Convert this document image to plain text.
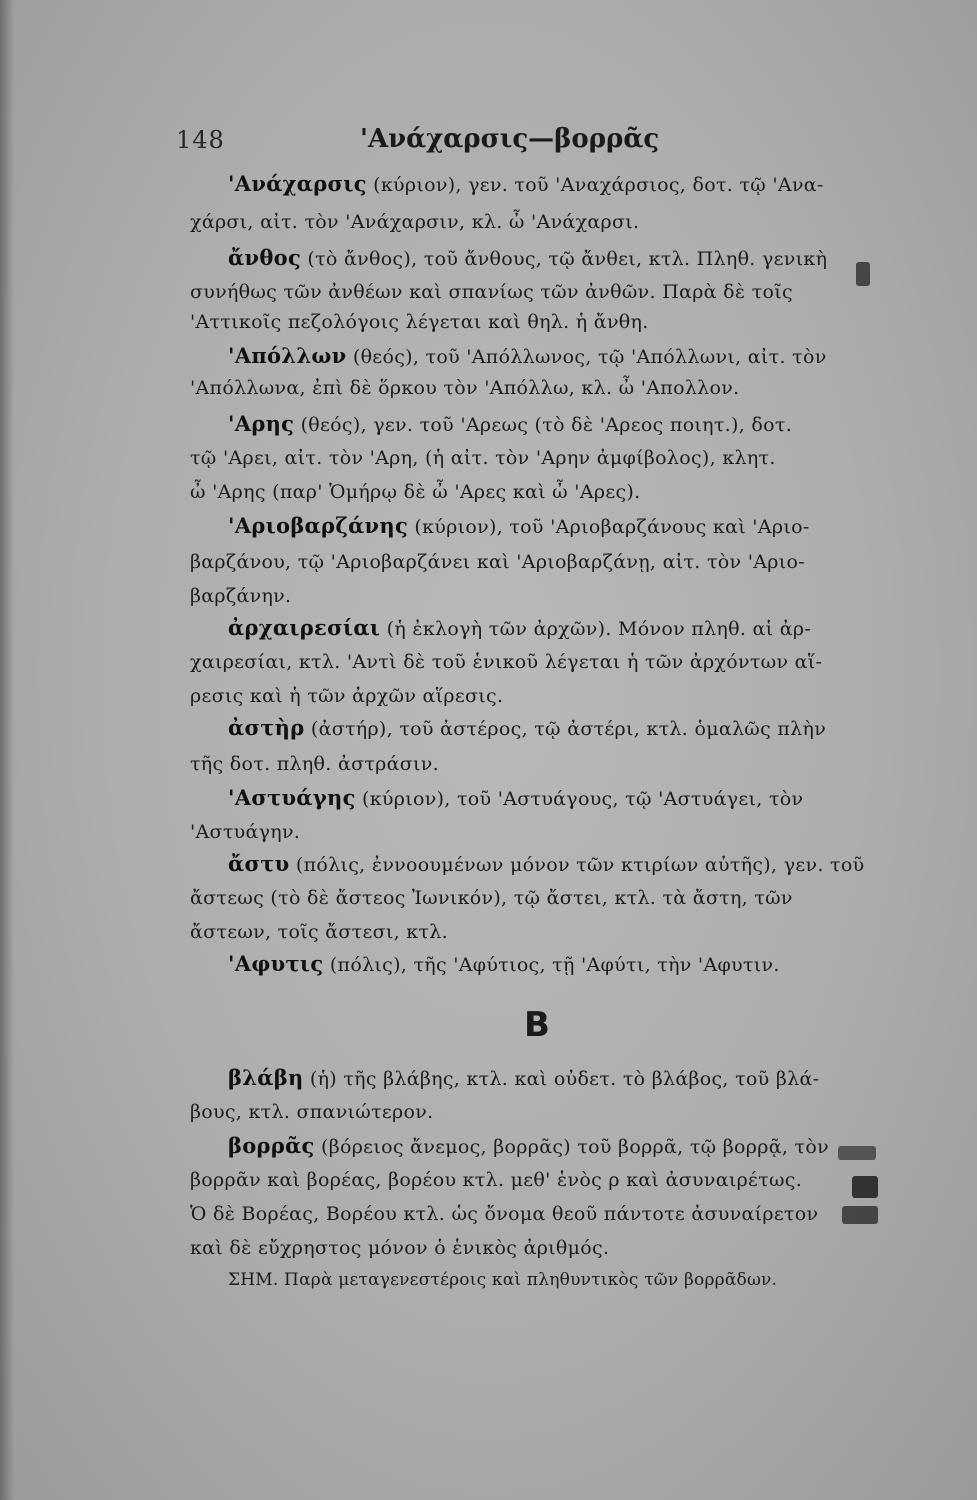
148	'Ανάχαρσις—βορρᾶς
'Ανάχαρσις (κύριον), γεν. τοῦ 'Αναχάρσιος, δοτ. τῷ 'Ανα-
χάρσι, αἰτ. τὸν 'Ανάχαρσιν, κλ. ὦ 'Ανάχαρσι.
ἄνθος (τὸ ἄνθος), τοῦ ἄνθους, τῷ ἄνθει, κτλ. Πληθ. γενικὴ
συνήθως τῶν ἀνθέων καὶ σπανίως τῶν ἀνθῶν. Παρὰ δὲ τοῖς
'Αττικοῖς πεζολόγοις λέγεται καὶ θηλ. ἡ ἄνθη.
'Απόλλων (θεός), τοῦ 'Απόλλωνος, τῷ 'Απόλλωνι, αἰτ. τὸν
'Απόλλωνα, ἐπὶ δὲ ὅρκου τὸν 'Απόλλω, κλ. ὦ 'Απολλον.
'Αρης (θεός), γεν. τοῦ 'Αρεως (τὸ δὲ 'Αρεος ποιητ.), δοτ.
τῷ 'Αρει, αἰτ. τὸν 'Αρη, (ἡ αἰτ. τὸν 'Αρην ἀμφίβολος), κλητ.
ὦ 'Αρης (παρ' Ὁμήρῳ δὲ ὦ 'Αρες καὶ ὦ 'Αρες).
'Αριοβαρζάνης (κύριον), τοῦ 'Αριοβαρζάνους καὶ 'Αριο-
βαρζάνου, τῷ 'Αριοβαρζάνει καὶ 'Αριοβαρζάνῃ, αἰτ. τὸν 'Αριο-
βαρζάνην.
ἀρχαιρεσίαι (ἡ ἐκλογὴ τῶν ἀρχῶν). Μόνον πληθ. αἱ ἀρ-
χαιρεσίαι, κτλ. 'Αντὶ δὲ τοῦ ἑνικοῦ λέγεται ἡ τῶν ἀρχόντων αἵ-
ρεσις καὶ ἡ τῶν ἀρχῶν αἵρεσις.
ἀστὴρ (ἀστήρ), τοῦ ἀστέρος, τῷ ἀστέρι, κτλ. ὁμαλῶς πλὴν
τῆς δοτ. πληθ. ἀστράσιν.
'Αστυάγης (κύριον), τοῦ 'Αστυάγους, τῷ 'Αστυάγει, τὸν
'Αστυάγην.
ἄστυ (πόλις, ἐννοουμένων μόνον τῶν κτιρίων αὐτῆς), γεν. τοῦ
ἄστεως (τὸ δὲ ἄστεος Ἰωνικόν), τῷ ἄστει, κτλ. τὰ ἄστη, τῶν
ἄστεων, τοῖς ἄστεσι, κτλ.
'Αφυτις (πόλις), τῆς 'Αφύτιος, τῇ 'Αφύτι, τὴν 'Αφυτιν.
Β
βλάβη (ἡ) τῆς βλάβης, κτλ. καὶ οὐδετ. τὸ βλάβος, τοῦ βλά-
βους, κτλ. σπανιώτερον.
βορρᾶς (βόρειος ἄνεμος, βορρᾶς) τοῦ βορρᾶ, τῷ βορρᾷ, τὸν
βορρᾶν καὶ βορέας, βορέου κτλ. μεθ' ἑνὸς ρ καὶ ἀσυναιρέτως.
Ὁ δὲ Βορέας, Βορέου κτλ. ὡς ὄνομα θεοῦ πάντοτε ἀσυναίρετον
καὶ δὲ εὔχρηστος μόνον ὁ ἑνικὸς ἀριθμός.
ΣΗΜ. Παρὰ μεταγενεστέροις καὶ πληθυντικὸς τῶν βορρᾶδων.
